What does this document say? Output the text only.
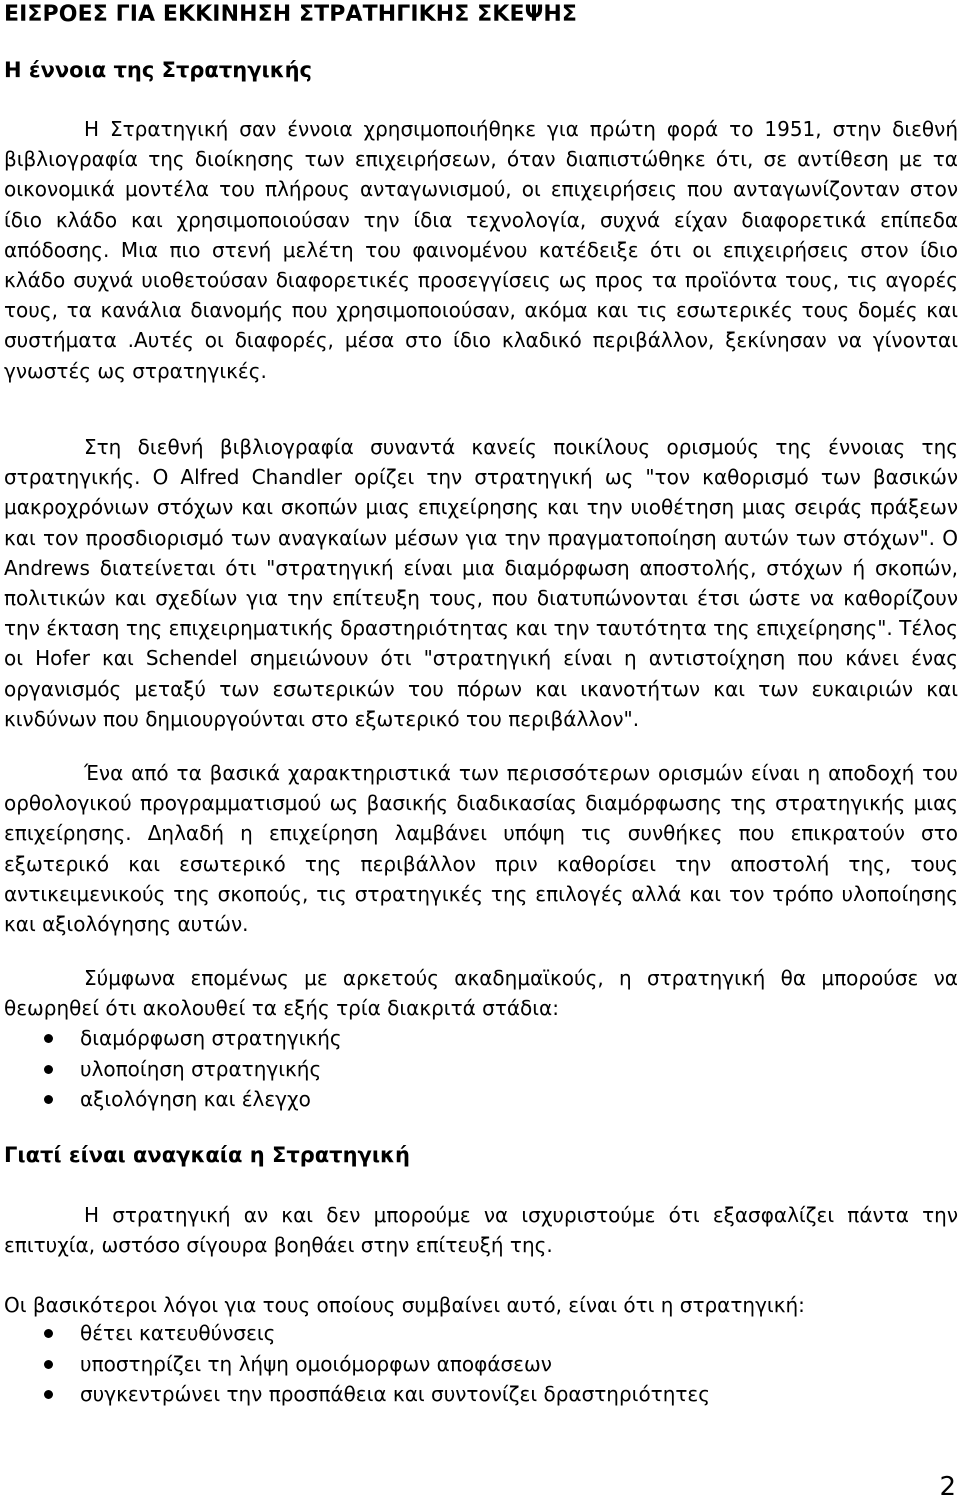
ΕΙΣΡΟΕΣ ΓΙΑ ΕΚΚΙΝΗΣΗ ΣΤΡΑΤΗΓΙΚΗΣ ΣΚΕΨΗΣ
Η έννοια της Στρατηγικής

Η Στρατηγική σαν έννοια χρησιμοποιήθηκε για πρώτη φορά το 1951, στην διεθνή βιβλιογραφία της διοίκησης των επιχειρήσεων, όταν διαπιστώθηκε ότι, σε αντίθεση με τα οικονομικά μοντέλα του πλήρους ανταγωνισμού, οι επιχειρήσεις που ανταγωνίζονταν στον ίδιο κλάδο και χρησιμοποιούσαν την ίδια τεχνολογία, συχνά είχαν διαφορετικά επίπεδα απόδοσης. Μια πιο στενή μελέτη του φαινομένου κατέδειξε ότι οι επιχειρήσεις στον ίδιο κλάδο συχνά υιοθετούσαν διαφορετικές προσεγγίσεις ως προς τα προϊόντα τους, τις αγορές τους, τα κανάλια διανομής που χρησιμοποιούσαν, ακόμα και τις εσωτερικές τους δομές και συστήματα .Αυτές οι διαφορές, μέσα στο ίδιο κλαδικό περιβάλλον, ξεκίνησαν να γίνονται γνωστές ως στρατηγικές.

Στη διεθνή βιβλιογραφία συναντά κανείς ποικίλους ορισμούς της έννοιας της στρατηγικής. Ο Alfred Chandler ορίζει την στρατηγική ως "τον καθορισμό των βασικών μακροχρόνιων στόχων και σκοπών μιας επιχείρησης και την υιοθέτηση μιας σειράς πράξεων και τον προσδιορισμό των αναγκαίων μέσων για την πραγματοποίηση αυτών των στόχων". Ο Andrews διατείνεται ότι "στρατηγική είναι μια διαμόρφωση αποστολής, στόχων ή σκοπών, πολιτικών και σχεδίων για την επίτευξη τους, που διατυπώνονται έτσι ώστε να καθορίζουν την έκταση της επιχειρηματικής δραστηριότητας και την ταυτότητα της επιχείρησης". Τέλος οι Hofer και Schendel σημειώνουν ότι "στρατηγική είναι η αντιστοίχηση που κάνει ένας οργανισμός μεταξύ των εσωτερικών του πόρων και ικανοτήτων και των ευκαιριών και κινδύνων που δημιουργούνται στο εξωτερικό του περιβάλλον".

Ένα από τα βασικά χαρακτηριστικά των περισσότερων ορισμών είναι η αποδοχή του ορθολογικού προγραμματισμού ως βασικής διαδικασίας διαμόρφωσης της στρατηγικής μιας επιχείρησης. Δηλαδή η επιχείρηση λαμβάνει υπόψη τις συνθήκες που επικρατούν στο εξωτερικό και εσωτερικό της περιβάλλον πριν καθορίσει την αποστολή της, τους αντικειμενικούς της σκοπούς, τις στρατηγικές της επιλογές αλλά και τον τρόπο υλοποίησης και αξιολόγησης αυτών.

Σύμφωνα επομένως με αρκετούς ακαδημαϊκούς, η στρατηγική θα μπορούσε να θεωρηθεί ότι ακολουθεί τα εξής τρία διακριτά στάδια:

διαμόρφωση στρατηγικής
υλοποίηση στρατηγικής
αξιολόγηση και έλεγχο
Γιατί είναι αναγκαία η Στρατηγική

Η στρατηγική αν και δεν μπορούμε να ισχυριστούμε ότι εξασφαλίζει πάντα την επιτυχία, ωστόσο σίγουρα βοηθάει στην επίτευξή της.

Οι βασικότεροι λόγοι για τους οποίους συμβαίνει αυτό, είναι ότι η στρατηγική:

θέτει κατευθύνσεις
υποστηρίζει τη λήψη ομοιόμορφων αποφάσεων
συγκεντρώνει την προσπάθεια και συντονίζει δραστηριότητες

2
